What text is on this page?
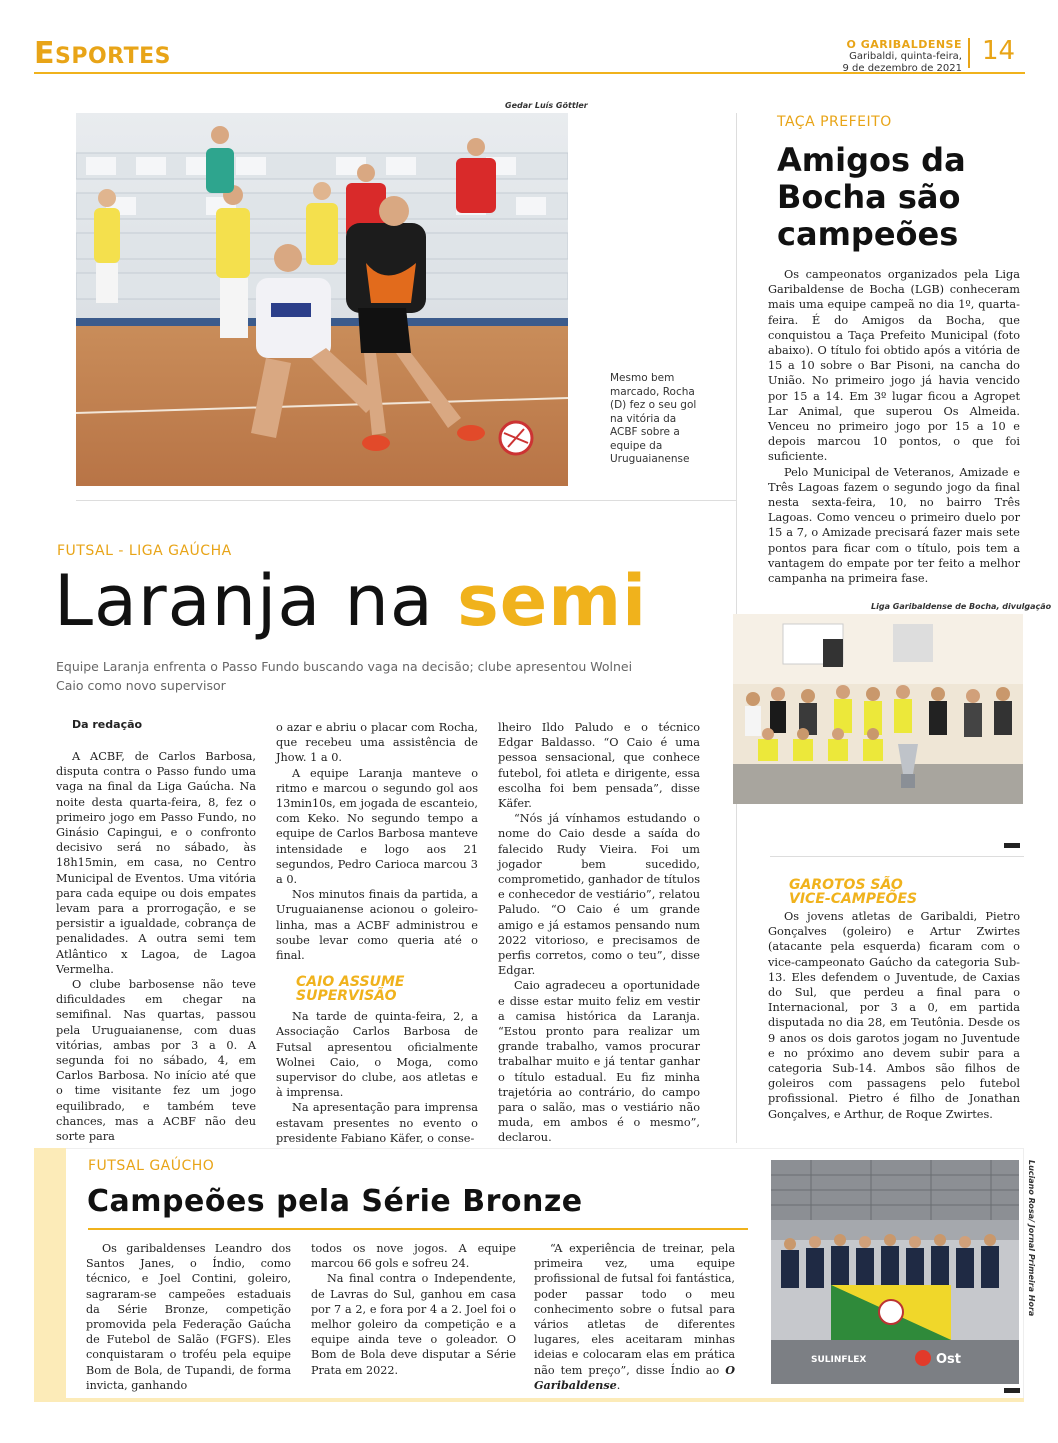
ESPORTES	O GARIBALDENSE
Garibaldi, quinta-feira,
9 de dezembro de 2021
14
Gedar Luís Göttler
Mesmo bem marcado, Rocha (D) fez o seu gol na vitória da ACBF sobre a equipe da Uruguaianense
FUTSAL - LIGA GAÚCHA
Laranja na semi
Equipe Laranja enfrenta o Passo Fundo buscando vaga na decisão; clube apresentou Wolnei Caio como novo supervisor
Da redação

A ACBF, de Carlos Barbosa, disputa contra o Passo fundo uma vaga na final da Liga Gaúcha. Na noite desta quarta-feira, 8, fez o primeiro jogo em Passo Fundo, no Ginásio Capingui, e o confronto decisivo será no sábado, às 18h15min, em casa, no Centro Municipal de Eventos. Uma vitória para cada equipe ou dois empates levam para a prorrogação, e se persistir a igualdade, cobrança de penalidades. A outra semi tem Atlântico x Lagoa, de Lagoa Vermelha.

O clube barbosense não teve dificuldades em chegar na semifinal. Nas quartas, passou pela Uruguaianense, com duas vitórias, ambas por 3 a 0. A segunda foi no sábado, 4, em Carlos Barbosa. No início até que o time visitante fez um jogo equilibrado, e também teve chances, mas a ACBF não deu sorte para

o azar e abriu o placar com Rocha, que recebeu uma assistência de Jhow. 1 a 0.

A equipe Laranja manteve o ritmo e marcou o segundo gol aos 13min10s, em jogada de escanteio, com Keko. No segundo tempo a equipe de Carlos Barbosa manteve intensidade e logo aos 21 segundos, Pedro Carioca marcou 3 a 0.

Nos minutos finais da partida, a Uruguaianense acionou o goleiro-linha, mas a ACBF administrou e soube levar como queria até o final.

CAIO ASSUME
SUPERVISÃO

Na tarde de quinta-feira, 2, a Associação Carlos Barbosa de Futsal apresentou oficialmente Wolnei Caio, o Moga, como supervisor do clube, aos atletas e à imprensa.

Na apresentação para imprensa estavam presentes no evento o presidente Fabiano Käfer, o conse-

lheiro Ildo Paludo e o técnico Edgar Baldasso. “O Caio é uma pessoa sensacional, que conhece futebol, foi atleta e dirigente, essa escolha foi bem pensada”, disse Käfer.

“Nós já vínhamos estudando o nome do Caio desde a saída do falecido Rudy Vieira. Foi um jogador bem sucedido, comprometido, ganhador de títulos e conhecedor de vestiário”, relatou Paludo. “O Caio é um grande amigo e já estamos pensando num 2022 vitorioso, e precisamos de perfis corretos, como o teu”, disse Edgar.

Caio agradeceu a oportunidade e disse estar muito feliz em vestir a camisa histórica da Laranja. “Estou pronto para realizar um grande trabalho, vamos procurar trabalhar muito e já tentar ganhar o título estadual. Eu fiz minha trajetória ao contrário, do campo para o salão, mas o vestiário não muda, em ambos é o mesmo”, declarou.

TAÇA PREFEITO
Amigos da
Bocha são
campeões

Os campeonatos organizados pela Liga Garibaldense de Bocha (LGB) conheceram mais uma equipe campeã no dia 1º, quarta-feira. É do Amigos da Bocha, que conquistou a Taça Prefeito Municipal (foto abaixo). O título foi obtido após a vitória de 15 a 10 sobre o Bar Pisoni, na cancha do União. No primeiro jogo já havia vencido por 15 a 14. Em 3º lugar ficou a Agropet Lar Animal, que superou Os Almeida. Venceu no primeiro jogo por 15 a 10 e depois marcou 10 pontos, o que foi suficiente.

Pelo Municipal de Veteranos, Amizade e Três Lagoas fazem o segundo jogo da final nesta sexta-feira, 10, no bairro Três Lagoas. Como venceu o primeiro duelo por 15 a 7, o Amizade precisará fazer mais sete pontos para ficar com o título, pois tem a vantagem do empate por ter feito a melhor campanha na primeira fase.

Liga Garibaldense de Bocha, divulgação
GAROTOS SÃO
VICE-CAMPEÕES

Os jovens atletas de Garibaldi, Pietro Gonçalves (goleiro) e Artur Zwirtes (atacante pela esquerda) ficaram com o vice-campeonato Gaúcho da categoria Sub-13. Eles defendem o Juventude, de Caxias do Sul, que perdeu a final para o Internacional, por 3 a 0, em partida disputada no dia 28, em Teutônia. Desde os 9 anos os dois garotos jogam no Juventude e no próximo ano devem subir para a categoria Sub-14. Ambos são filhos de goleiros com passagens pelo futebol profissional. Pietro é filho de Jonathan Gonçalves, e Arthur, de Roque Zwirtes.

FUTSAL GAÚCHO
Campeões pela Série Bronze

Os garibaldenses Leandro dos Santos Janes, o Índio, como técnico, e Joel Contini, goleiro, sagraram-se campeões estaduais da Série Bronze, competição promovida pela Federação Gaúcha de Futebol de Salão (FGFS). Eles conquistaram o troféu pela equipe Bom de Bola, de Tupandi, de forma invicta, ganhando

todos os nove jogos. A equipe marcou 66 gols e sofreu 24.

Na final contra o Independente, de Lavras do Sul, ganhou em casa por 7 a 2, e fora por 4 a 2. Joel foi o melhor goleiro da competição e a equipe ainda teve o goleador. O Bom de Bola deve disputar a Série Prata em 2022.

“A experiência de treinar, pela primeira vez, uma equipe profissional de futsal foi fantástica, poder passar todo o meu conhecimento sobre o futsal para vários atletas de diferentes lugares, eles aceitaram minhas ideias e colocaram elas em prática não tem preço”, disse Índio ao O Garibaldense.

SULINFLEX	Ost
Luciano Rosa/ Jornal Primeira Hora
